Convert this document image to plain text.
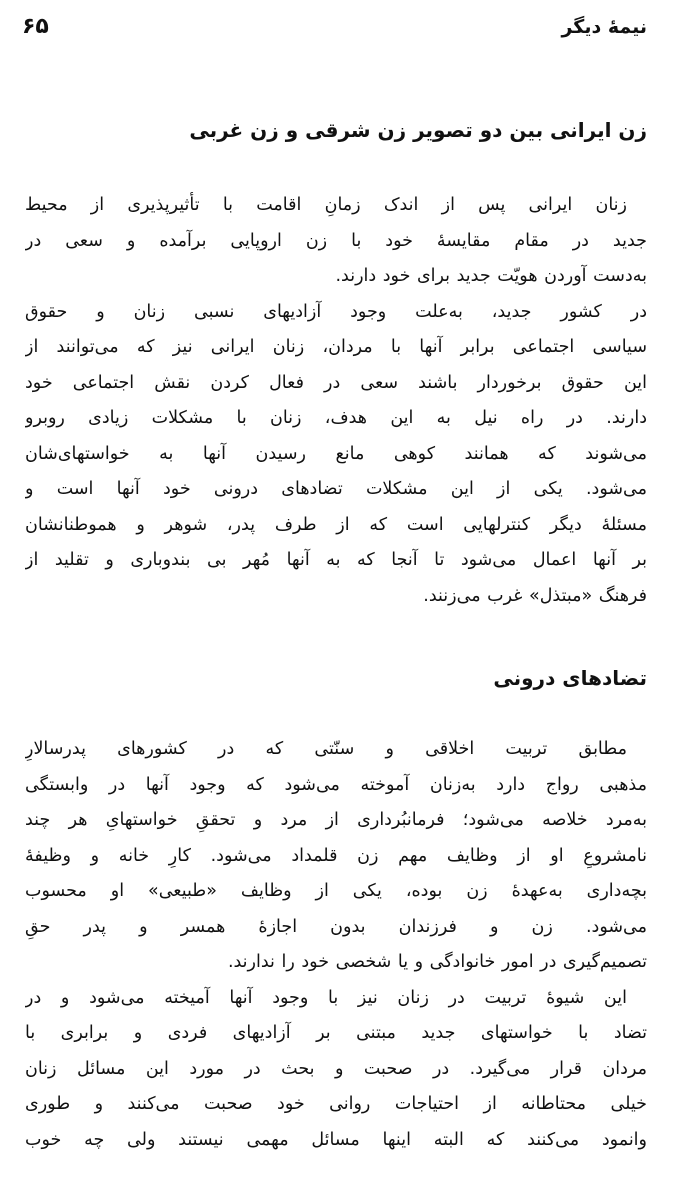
نیمهٔ دیگر
۶۵
زن ایرانی بین دو تصویر زن شرقی و زن غربی
زنان ایرانی پس از اندک زمانِ اقامت با تأثیرپذیری از محیط
جدید در مقام مقایسهٔ خود با زن اروپایی برآمده و سعی در
به‌دست آوردن هویّت جدید برای خود دارند.
در کشور جدید، به‌علت وجود آزادیهای نسبی زنان و حقوق
سیاسی اجتماعی برابر آنها با مردان، زنان ایرانی نیز که می‌توانند از
این حقوق برخوردار باشند سعی در فعال کردن نقش اجتماعی خود
دارند. در راه نیل به این هدف، زنان با مشکلات زیادی روبرو
می‌شوند که همانند کوهی مانع رسیدن آنها به خواستهای‌شان
می‌شود. یکی از این مشکلات تضادهای درونی خود آنها است و
مسئلهٔ دیگر کنترلهایی است که از طرف پدر، شوهر و هموطنانشان
بر آنها اعمال می‌شود تا آنجا که به آنها مُهر بی بندوباری و تقلید از
فرهنگ «مبتذل» غرب می‌زنند.
تضادهای درونی
مطابق تربیت اخلاقی و سنّتی که در کشورهای پدرسالارِ
مذهبی رواج دارد به‌زنان آموخته می‌شود که وجود آنها در وابستگی
به‌مرد خلاصه می‌شود؛ فرمانبُرداری از مرد و تحققِ خواستهایِ هر چند
نامشروعِ او از وظایف مهم زن قلمداد می‌شود. کارِ خانه و وظیفهٔ
بچه‌داری به‌عهدهٔ زن بوده، یکی از وظایف «طبیعی» او محسوب
می‌شود. زن و فرزندان بدون اجازهٔ همسر و پدر حقِ
تصمیم‌گیری در امور خانوادگی و یا شخصی خود را ندارند.
این شیوهٔ تربیت در زنان نیز با وجود آنها آمیخته می‌شود و در
تضاد با خواستهای جدید مبتنی بر آزادیهای فردی و برابری با
مردان قرار می‌گیرد. در صحبت و بحث در مورد این مسائل زنان
خیلی محتاطانه از احتیاجات روانی خود صحبت می‌کنند و طوری
وانمود می‌کنند که البته اینها مسائل مهمی نیستند ولی چه خوب
